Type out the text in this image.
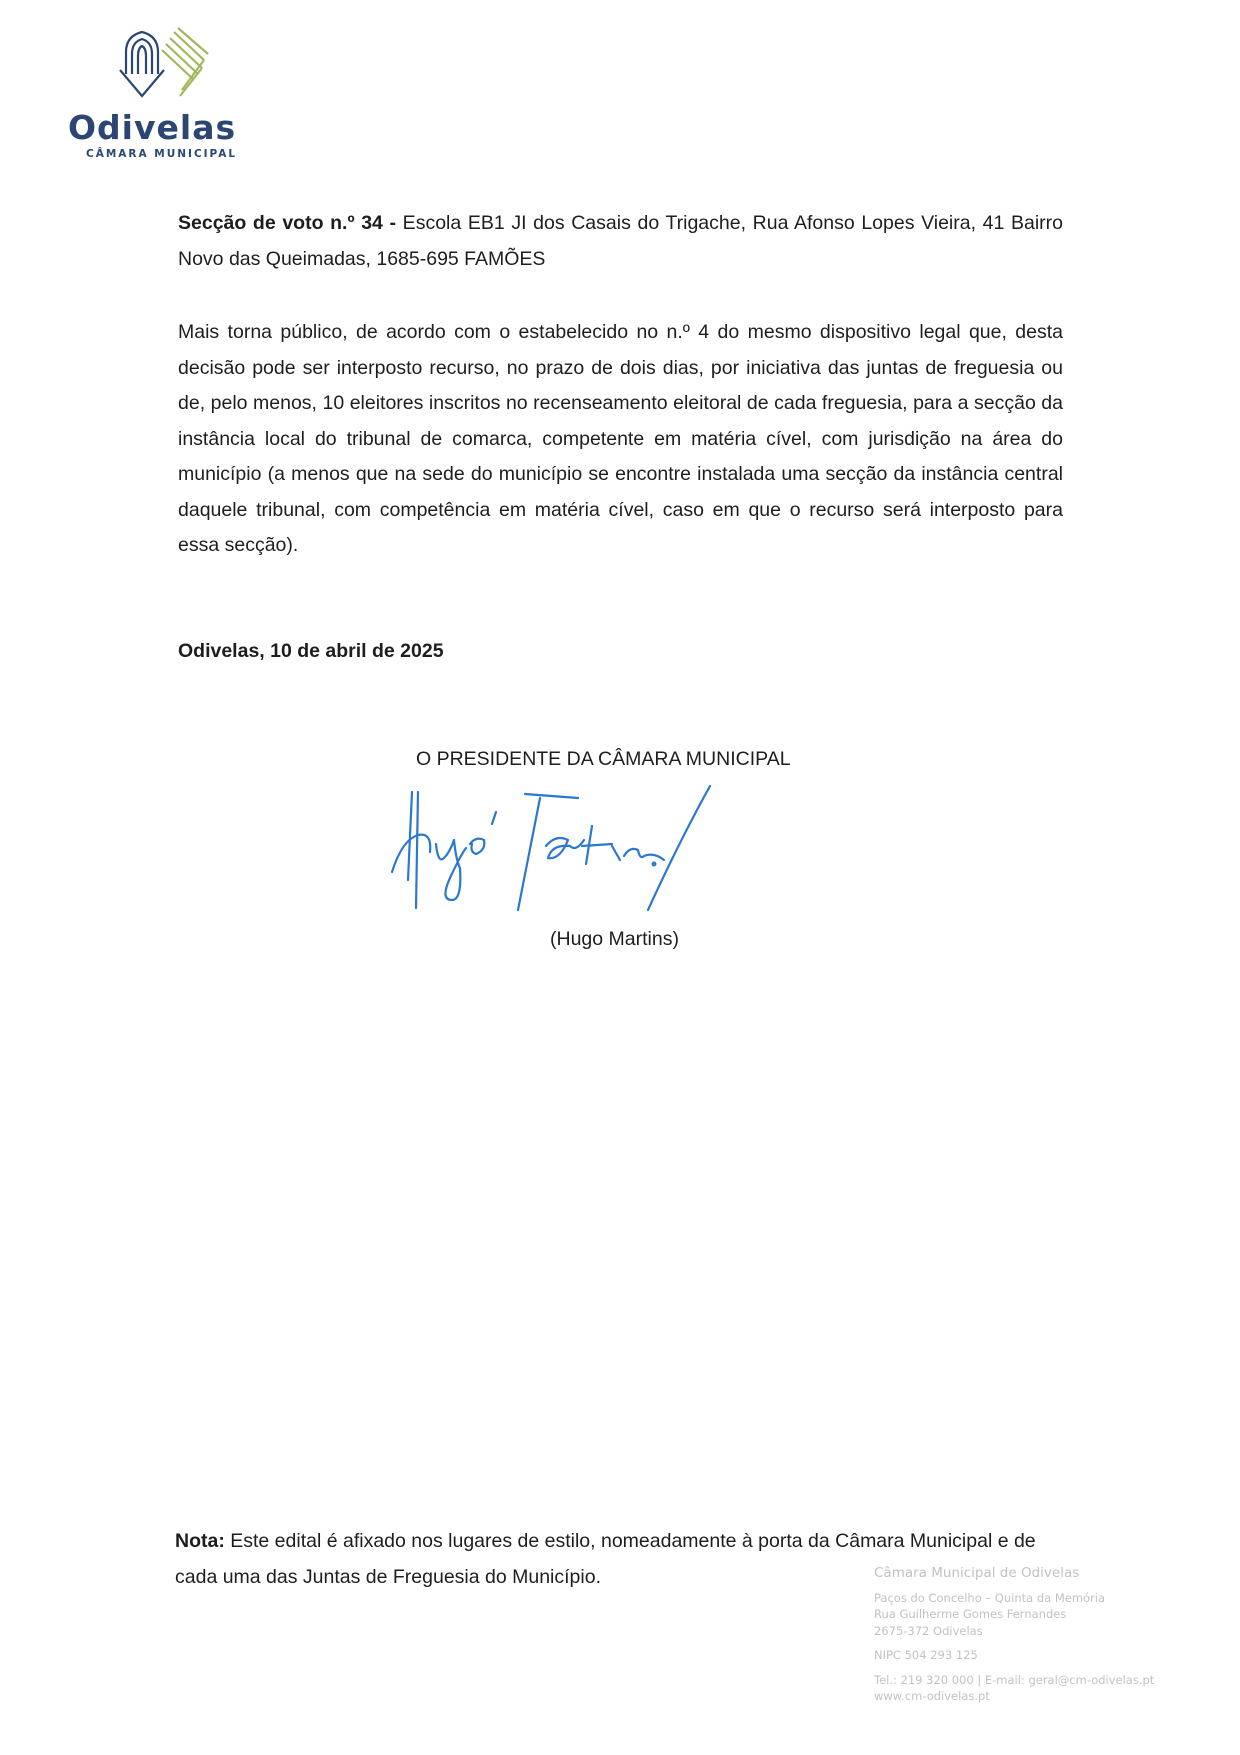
Odivelas

CÂMARA MUNICIPAL

Secção de voto n.º 34 - Escola EB1 JI dos Casais do Trigache, Rua Afonso Lopes Vieira, 41 Bairro Novo das Queimadas, 1685-695 FAMÕES

Mais torna público, de acordo com o estabelecido no n.º 4 do mesmo dispositivo legal que, desta decisão pode ser interposto recurso, no prazo de dois dias, por iniciativa das juntas de freguesia ou de, pelo menos, 10 eleitores inscritos no recenseamento eleitoral de cada freguesia, para a secção da instância local do tribunal de comarca, competente em matéria cível, com jurisdição na área do município (a menos que na sede do município se encontre instalada uma secção da instância central daquele tribunal, com competência em matéria cível, caso em que o recurso será interposto para essa secção).

Odivelas, 10 de abril de 2025

O PRESIDENTE DA CÂMARA MUNICIPAL

(Hugo Martins)

Nota: Este edital é afixado nos lugares de estilo, nomeadamente à porta da Câmara Municipal e de cada uma das Juntas de Freguesia do Município.	Câmara Municipal de Odivelas
Paços do Concelho – Quinta da Memória
Rua Guilherme Gomes Fernandes
2675-372 Odivelas
NIPC 504 293 125
Tel.: 219 320 000 | E-mail: geral@cm-odivelas.pt
www.cm-odivelas.pt
